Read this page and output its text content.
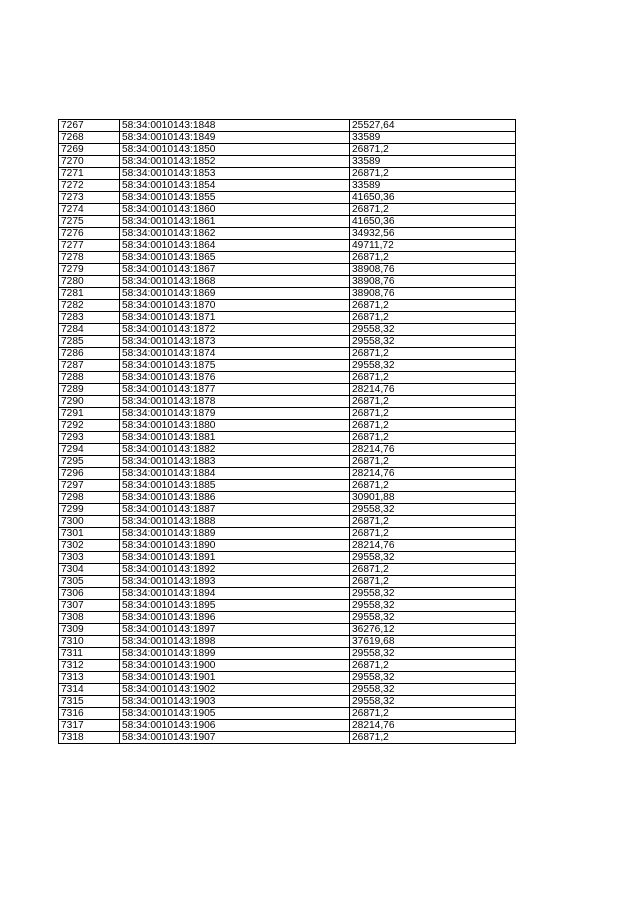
7267	58:34:0010143:1848	25527,64
7268	58:34:0010143:1849	33589
7269	58:34:0010143:1850	26871,2
7270	58:34:0010143:1852	33589
7271	58:34:0010143:1853	26871,2
7272	58:34:0010143:1854	33589
7273	58:34:0010143:1855	41650,36
7274	58:34:0010143:1860	26871,2
7275	58:34:0010143:1861	41650,36
7276	58:34:0010143:1862	34932,56
7277	58:34:0010143:1864	49711,72
7278	58:34:0010143:1865	26871,2
7279	58:34:0010143:1867	38908,76
7280	58:34:0010143:1868	38908,76
7281	58:34:0010143:1869	38908,76
7282	58:34:0010143:1870	26871,2
7283	58:34:0010143:1871	26871,2
7284	58:34:0010143:1872	29558,32
7285	58:34:0010143:1873	29558,32
7286	58:34:0010143:1874	26871,2
7287	58:34:0010143:1875	29558,32
7288	58:34:0010143:1876	26871,2
7289	58:34:0010143:1877	28214,76
7290	58:34:0010143:1878	26871,2
7291	58:34:0010143:1879	26871,2
7292	58:34:0010143:1880	26871,2
7293	58:34:0010143:1881	26871,2
7294	58:34:0010143:1882	28214,76
7295	58:34:0010143:1883	26871,2
7296	58:34:0010143:1884	28214,76
7297	58:34:0010143:1885	26871,2
7298	58:34:0010143:1886	30901,88
7299	58:34:0010143:1887	29558,32
7300	58:34:0010143:1888	26871,2
7301	58:34:0010143:1889	26871,2
7302	58:34:0010143:1890	28214,76
7303	58:34:0010143:1891	29558,32
7304	58:34:0010143:1892	26871,2
7305	58:34:0010143:1893	26871,2
7306	58:34:0010143:1894	29558,32
7307	58:34:0010143:1895	29558,32
7308	58:34:0010143:1896	29558,32
7309	58:34:0010143:1897	36276,12
7310	58:34:0010143:1898	37619,68
7311	58:34:0010143:1899	29558,32
7312	58:34:0010143:1900	26871,2
7313	58:34:0010143:1901	29558,32
7314	58:34:0010143:1902	29558,32
7315	58:34:0010143:1903	29558,32
7316	58:34:0010143:1905	26871,2
7317	58:34:0010143:1906	28214,76
7318	58:34:0010143:1907	26871,2
